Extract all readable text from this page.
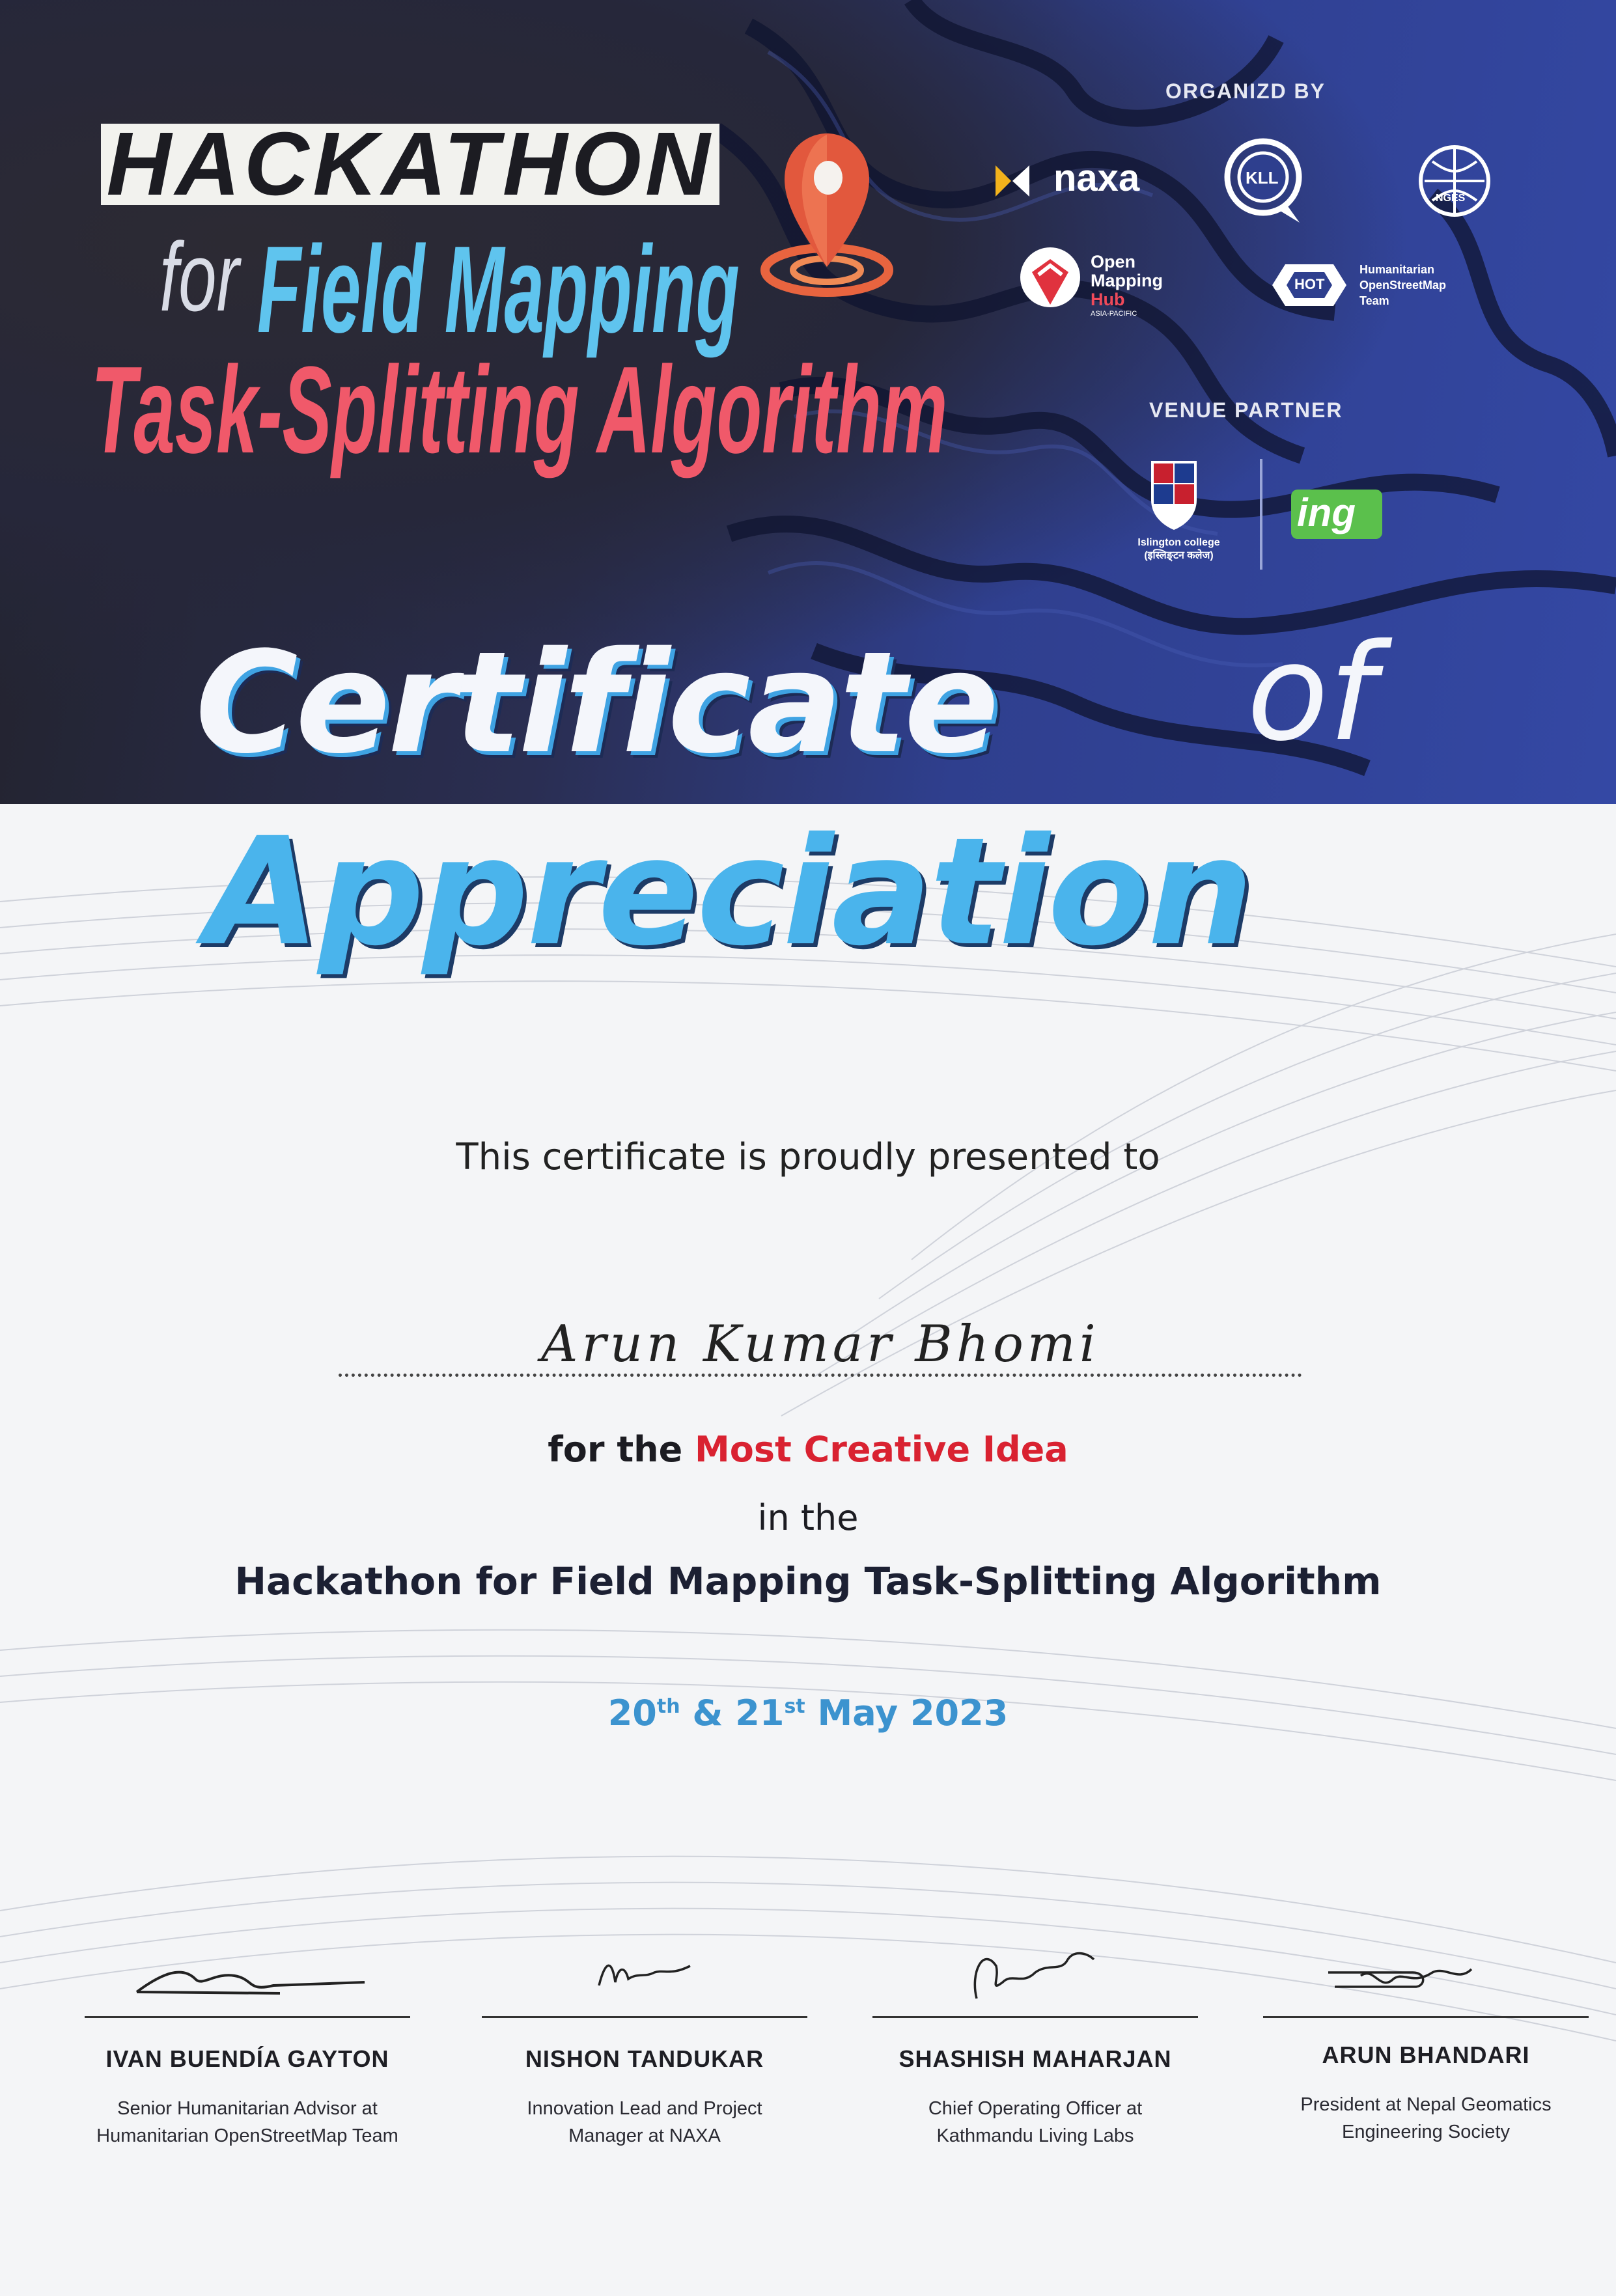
HACKATHON
for Field Mapping
Task-Splitting Algorithm
ORGANIZD BY
naxa	KLL
NGES
Open
Mapping
Hub
ASIA-PACIFIC
HOT
Humanitarian
OpenStreetMap
Team
VENUE PARTNER
Islington college
(इस्लिङ्टन कलेज)
ing
Certificate of
Appreciation
This certificate is proudly presented to
Arun Kumar Bhomi
for the Most Creative Idea
in the
Hackathon for Field Mapping Task-Splitting Algorithm
20th & 21st May 2023
IVAN BUENDÍA GAYTON
Senior Humanitarian Advisor at
Humanitarian OpenStreetMap Team
NISHON TANDUKAR
Innovation Lead and Project
Manager at NAXA
SHASHISH MAHARJAN
Chief Operating Officer at
Kathmandu Living Labs
ARUN BHANDARI
President at Nepal Geomatics
Engineering Society
